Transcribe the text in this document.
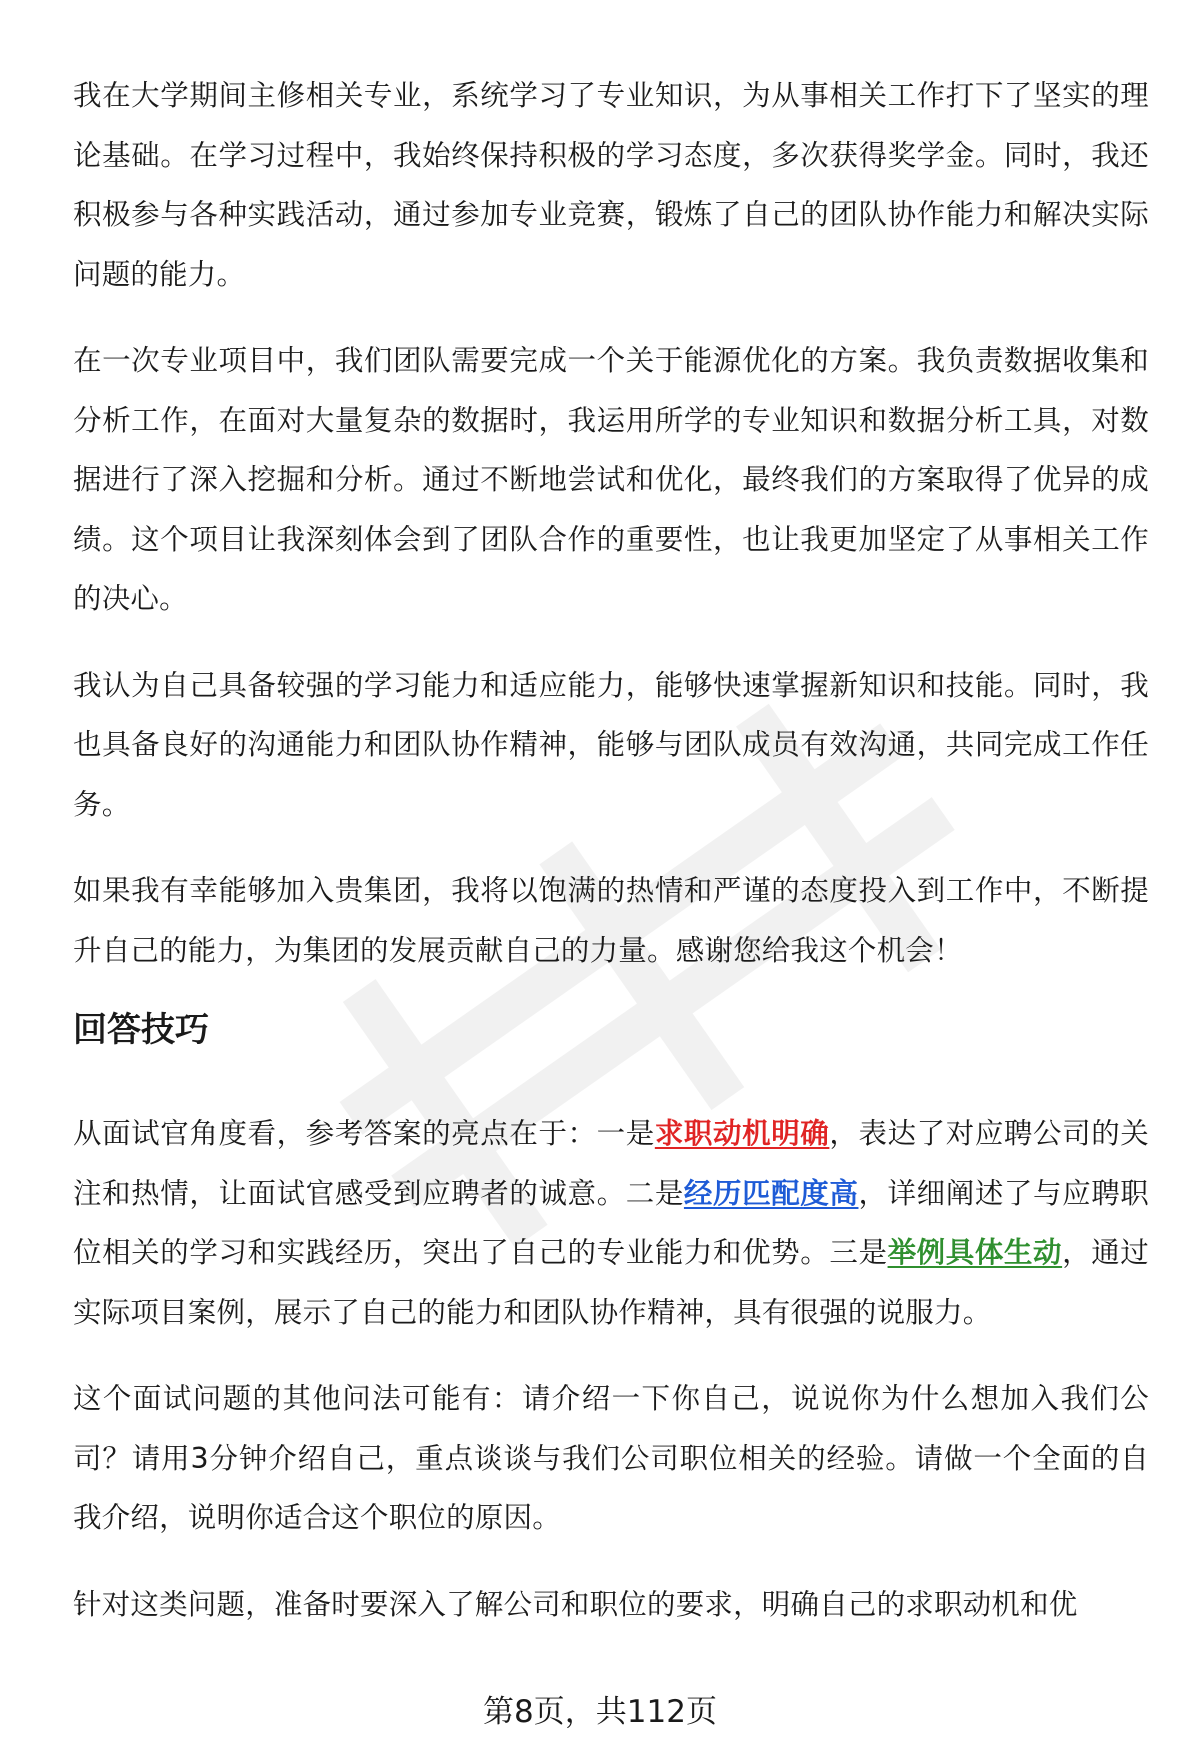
我在大学期间主修相关专业，系统学习了专业知识，为从事相关工作打下了坚实的理论基础。在学习过程中，我始终保持积极的学习态度，多次获得奖学金。同时，我还积极参与各种实践活动，通过参加专业竞赛，锻炼了自己的团队协作能力和解决实际问题的能力。

在一次专业项目中，我们团队需要完成一个关于能源优化的方案。我负责数据收集和分析工作，在面对大量复杂的数据时，我运用所学的专业知识和数据分析工具，对数据进行了深入挖掘和分析。通过不断地尝试和优化，最终我们的方案取得了优异的成绩。这个项目让我深刻体会到了团队合作的重要性，也让我更加坚定了从事相关工作的决心。

我认为自己具备较强的学习能力和适应能力，能够快速掌握新知识和技能。同时，我也具备良好的沟通能力和团队协作精神，能够与团队成员有效沟通，共同完成工作任务。

如果我有幸能够加入贵集团，我将以饱满的热情和严谨的态度投入到工作中，不断提升自己的能力，为集团的发展贡献自己的力量。感谢您给我这个机会！

回答技巧

从面试官角度看，参考答案的亮点在于：一是求职动机明确，表达了对应聘公司的关注和热情，让面试官感受到应聘者的诚意。二是经历匹配度高，详细阐述了与应聘职位相关的学习和实践经历，突出了自己的专业能力和优势。三是举例具体生动，通过实际项目案例，展示了自己的能力和团队协作精神，具有很强的说服力。

这个面试问题的其他问法可能有：请介绍一下你自己，说说你为什么想加入我们公司？请用3分钟介绍自己，重点谈谈与我们公司职位相关的经验。请做一个全面的自我介绍，说明你适合这个职位的原因。

针对这类问题，准备时要深入了解公司和职位的要求，明确自己的求职动机和优

第8页，共112页
